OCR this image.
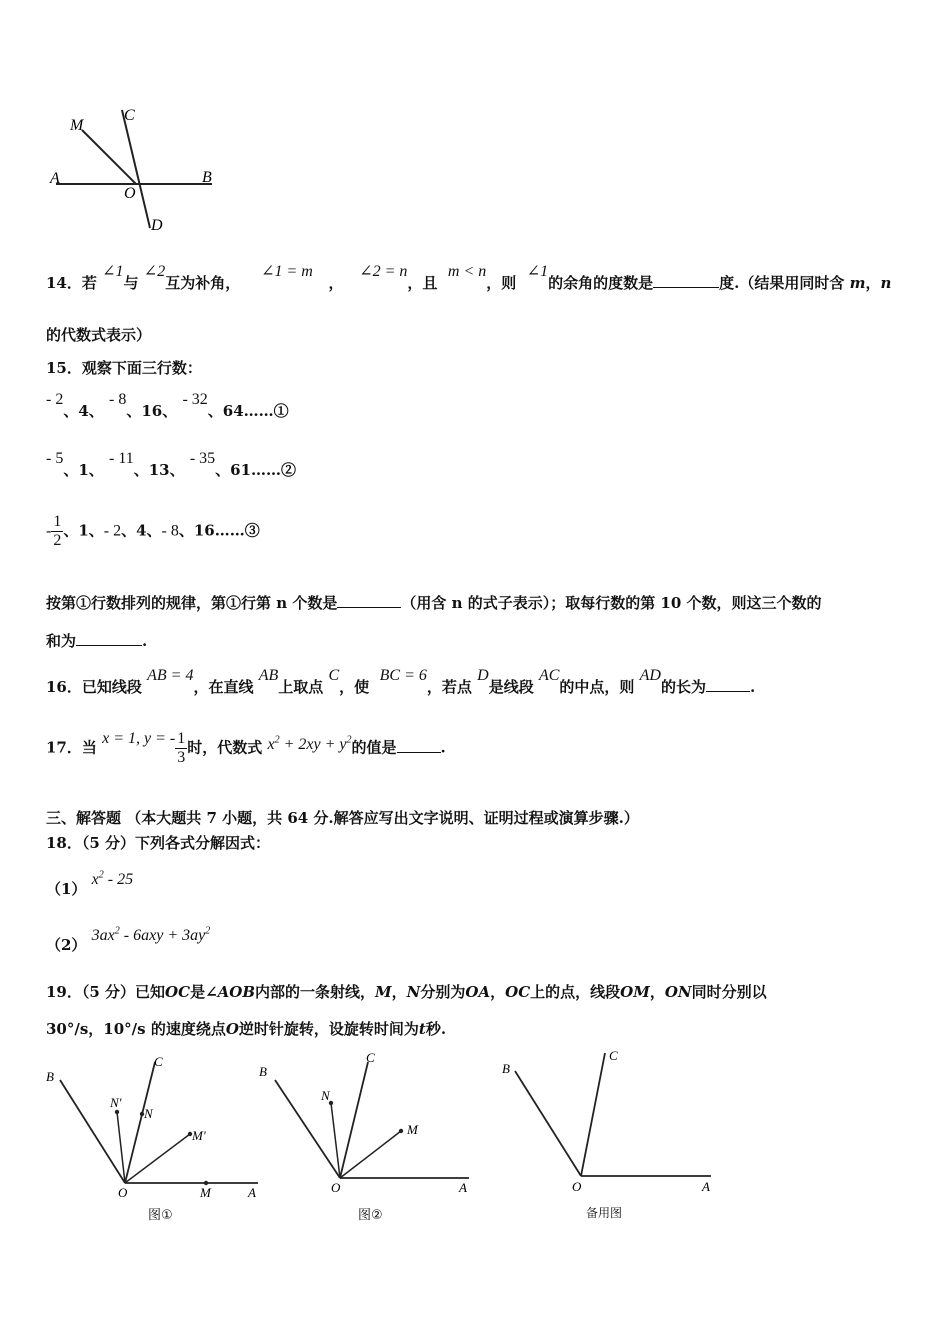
M
C
A
O
B
D
14．若 ∠1与 ∠2互为补角，    ∠1 = m   ，   ∠2 = n，且  m < n，则  ∠1的余角的度数是	度.（结果用同时含 m，n
的代数式表示）
15．观察下面三行数：
- 2、4、 - 8、16、 - 32、64……①
- 5、1、 - 11、13、 - 35、61……②
- $\frac{1}{2}$ 、1、- 2、4、- 8、16……③
按第①行数排列的规律，第①行第 n 个数是	（用含 n 的式子表示）；取每行数的第 10 个数，则这三个数的
和为	.
16．已知线段 AB = 4，在直线 AB上取点 C，使  BC = 6，若点 D是线段 AC的中点，则 AD的长为	.
17．当 x = 1, y = - $\frac{1}{3}$ 时，代数式 $x^2 + 2xy + y^2$的值是	.
三、解答题 （本大题共 7 小题，共 64 分.解答应写出文字说明、证明过程或演算步骤.）
18．（5 分）下列各式分解因式：
（1） $x^2 - 25$
（2） $3ax^2 - 6axy + 3ay^2$
19．（5 分）已知OC是∠AOB内部的一条射线，M，N分别为OA，OC上的点，线段OM，ON同时分别以
30°/s，10°/s 的速度绕点O逆时针旋转，设旋转时间为t秒.
B
C
N'
N
M'
O	M	A
图①
B
C
N
M
O	A
图②
B
C
O	A
备用图
